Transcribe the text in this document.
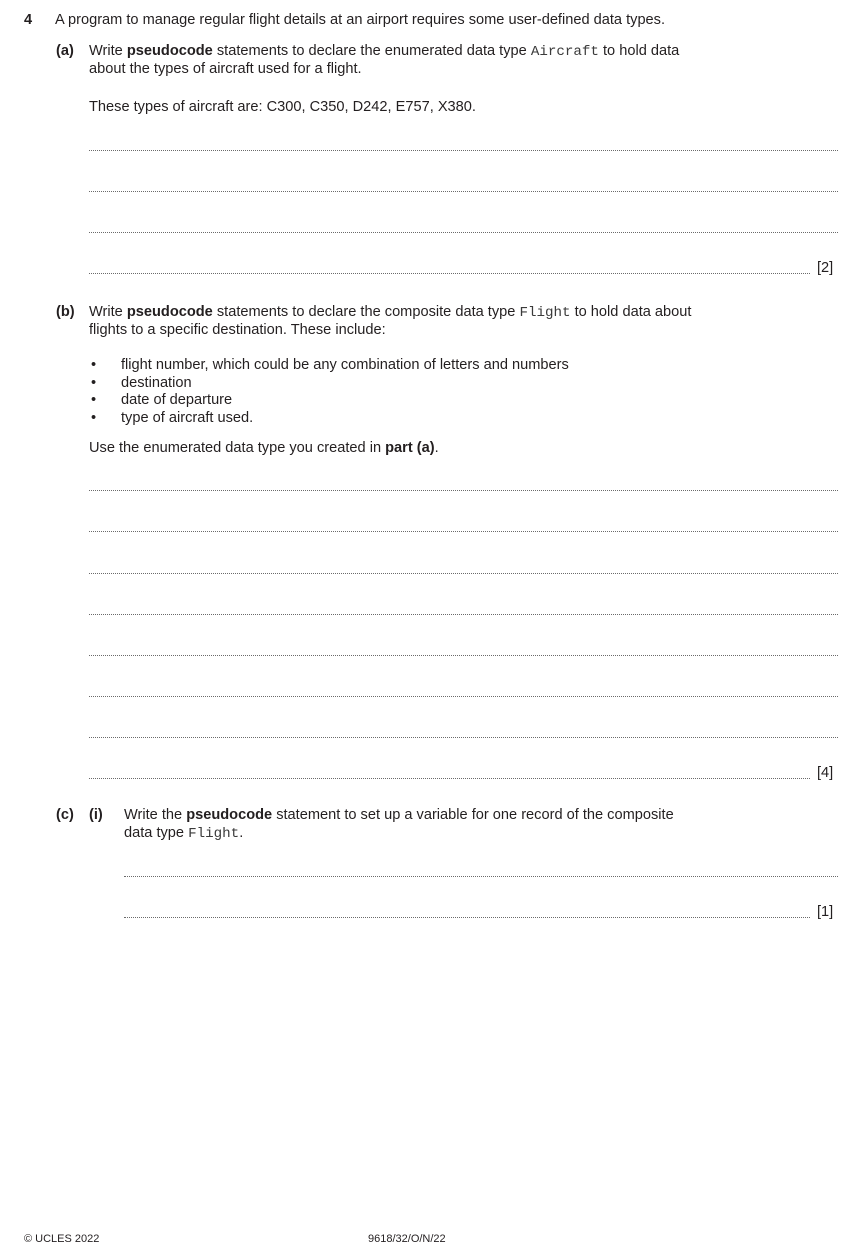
4 A program to manage regular flight details at an airport requires some user-defined data types.
(a) Write pseudocode statements to declare the enumerated data type Aircraft to hold data
about the types of aircraft used for a flight.
These types of aircraft are: C300, C350, D242, E757, X380.
[2]
(b) Write pseudocode statements to declare the composite data type Flight to hold data about
flights to a specific destination. These include:
• flight number, which could be any combination of letters and numbers
• destination
• date of departure
• type of aircraft used.
Use the enumerated data type you created in part (a).
[4]
(c) (i) Write the pseudocode statement to set up a variable for one record of the composite
data type Flight.
[1]
© UCLES 2022	9618/32/O/N/22
